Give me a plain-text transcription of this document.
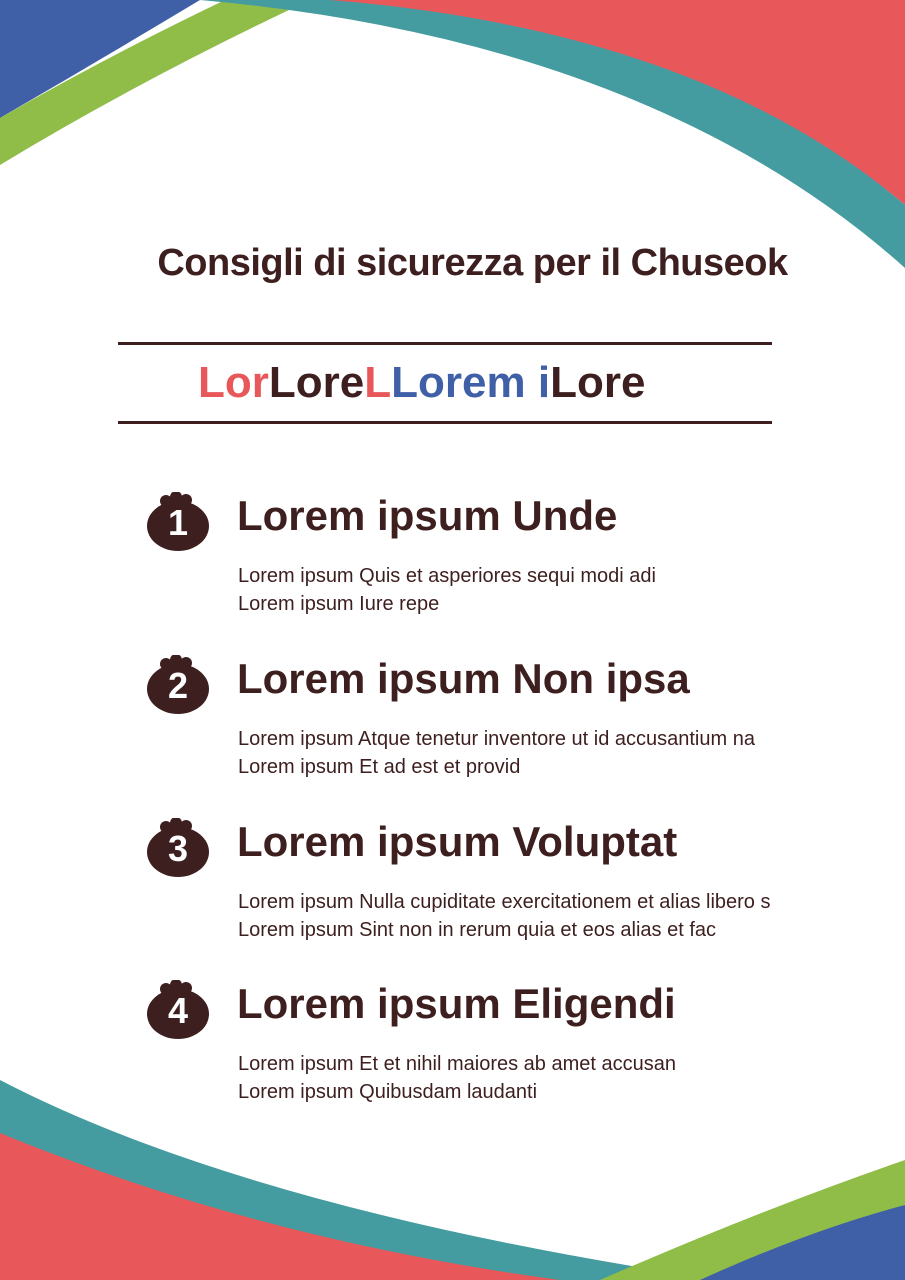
Consigli di sicurezza per il Chuseok
LorLoreLLorem iLore
1	Lorem ipsum Unde

Lorem ipsum Quis et asperiores sequi modi adi
Lorem ipsum Iure repe

2	Lorem ipsum Non ipsa

Lorem ipsum Atque tenetur inventore ut id accusantium na
Lorem ipsum Et ad est et provid

3	Lorem ipsum Voluptat

Lorem ipsum Nulla cupiditate exercitationem et alias libero s
Lorem ipsum Sint non in rerum quia et eos alias et fac

4	Lorem ipsum Eligendi

Lorem ipsum Et et nihil maiores ab amet accusan
Lorem ipsum Quibusdam laudanti
